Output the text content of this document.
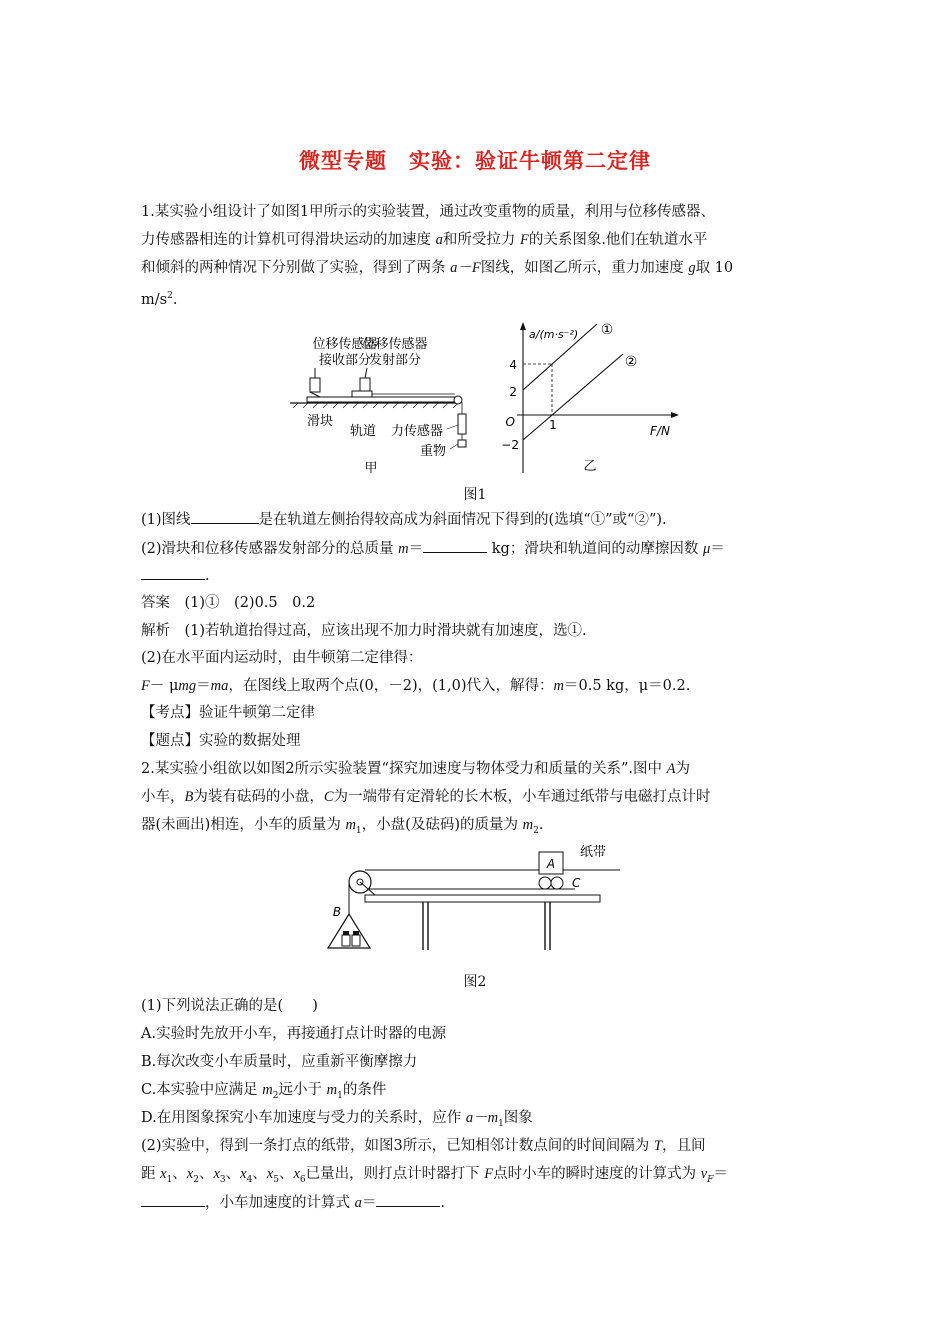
微型专题　实验：验证牛顿第二定律
1.某实验小组设计了如图1甲所示的实验装置，通过改变重物的质量，利用与位移传感器、
力传感器相连的计算机可得滑块运动的加速度 a和所受拉力 F的关系图象.他们在轨道水平
和倾斜的两种情况下分别做了实验，得到了两条 a－F图线，如图乙所示，重力加速度 g取 10
$m/s^2$.
位移传感器
接收部分
位移传感器
发射部分
滑块
轨道 力传感器
重物
甲
a/(m·s⁻²)
F/N
O
4
2
−2
1
①
②
乙
图1
(1)图线	是在轨道左侧抬得较高成为斜面情况下得到的(选填“①”或“②”).
(2)滑块和位移传感器发射部分的总质量 m＝	kg；滑块和轨道间的动摩擦因数 μ＝
.
答案　(1)①　(2)0.5　0.2
解析　(1)若轨道抬得过高，应该出现不加力时滑块就有加速度，选①.
(2)在水平面内运动时，由牛顿第二定律得：
F－ μmg＝ma，在图线上取两个点(0，－2)，(1,0)代入，解得：m＝0.5 kg，μ＝0.2.
【考点】验证牛顿第二定律
【题点】实验的数据处理
2.某实验小组欲以如图2所示实验装置“探究加速度与物体受力和质量的关系”.图中 A为
小车，B为装有砝码的小盘，C为一端带有定滑轮的长木板，小车通过纸带与电磁打点计时
器(未画出)相连，小车的质量为 $m_1$，小盘(及砝码)的质量为 $m_2$.
纸带
A
C
B
图2
(1)下列说法正确的是(　　)
A.实验时先放开小车，再接通打点计时器的电源
B.每次改变小车质量时，应重新平衡摩擦力
C.本实验中应满足 $m_2$远小于 $m_1$的条件
D.在用图象探究小车加速度与受力的关系时，应作 $a-m_1$图象
(2)实验中，得到一条打点的纸带，如图3所示，已知相邻计数点间的时间间隔为 T，且间
距 $x_1$、$x_2$、$x_3$、$x_4$、$x_5$、$x_6$已量出，则打点计时器打下 F点时小车的瞬时速度的计算式为 $v_F=$
，小车加速度的计算式 a＝	.
